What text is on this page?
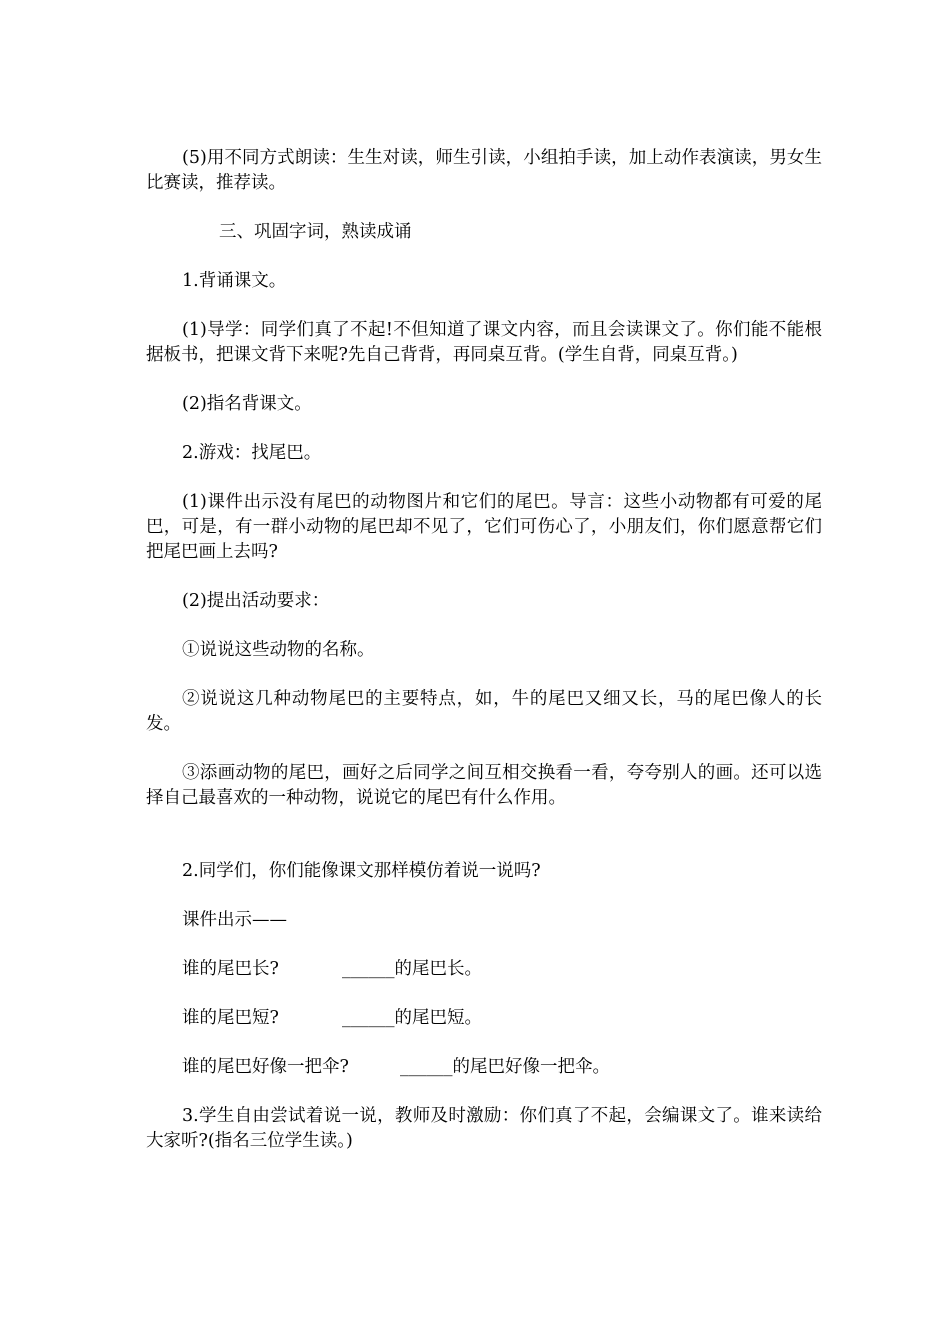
(5)用不同方式朗读：生生对读，师生引读，小组拍手读，加上动作表演读，男女生比赛读，推荐读。

三、巩固字词，熟读成诵

1.背诵课文。

(1)导学：同学们真了不起!不但知道了课文内容，而且会读课文了。你们能不能根据板书，把课文背下来呢?先自己背背，再同桌互背。(学生自背，同桌互背。)

(2)指名背课文。

2.游戏：找尾巴。

(1)课件出示没有尾巴的动物图片和它们的尾巴。导言：这些小动物都有可爱的尾巴，可是，有一群小动物的尾巴却不见了，它们可伤心了，小朋友们，你们愿意帮它们把尾巴画上去吗?

(2)提出活动要求：

①说说这些动物的名称。

②说说这几种动物尾巴的主要特点，如，牛的尾巴又细又长，马的尾巴像人的长发。

③添画动物的尾巴，画好之后同学之间互相交换看一看，夸夸别人的画。还可以选择自己最喜欢的一种动物，说说它的尾巴有什么作用。

2.同学们，你们能像课文那样模仿着说一说吗?

课件出示——

谁的尾巴长?	______的尾巴长。
谁的尾巴短?	______的尾巴短。
谁的尾巴好像一把伞?	______的尾巴好像一把伞。

3.学生自由尝试着说一说，教师及时激励：你们真了不起，会编课文了。谁来读给大家听?(指名三位学生读。)
